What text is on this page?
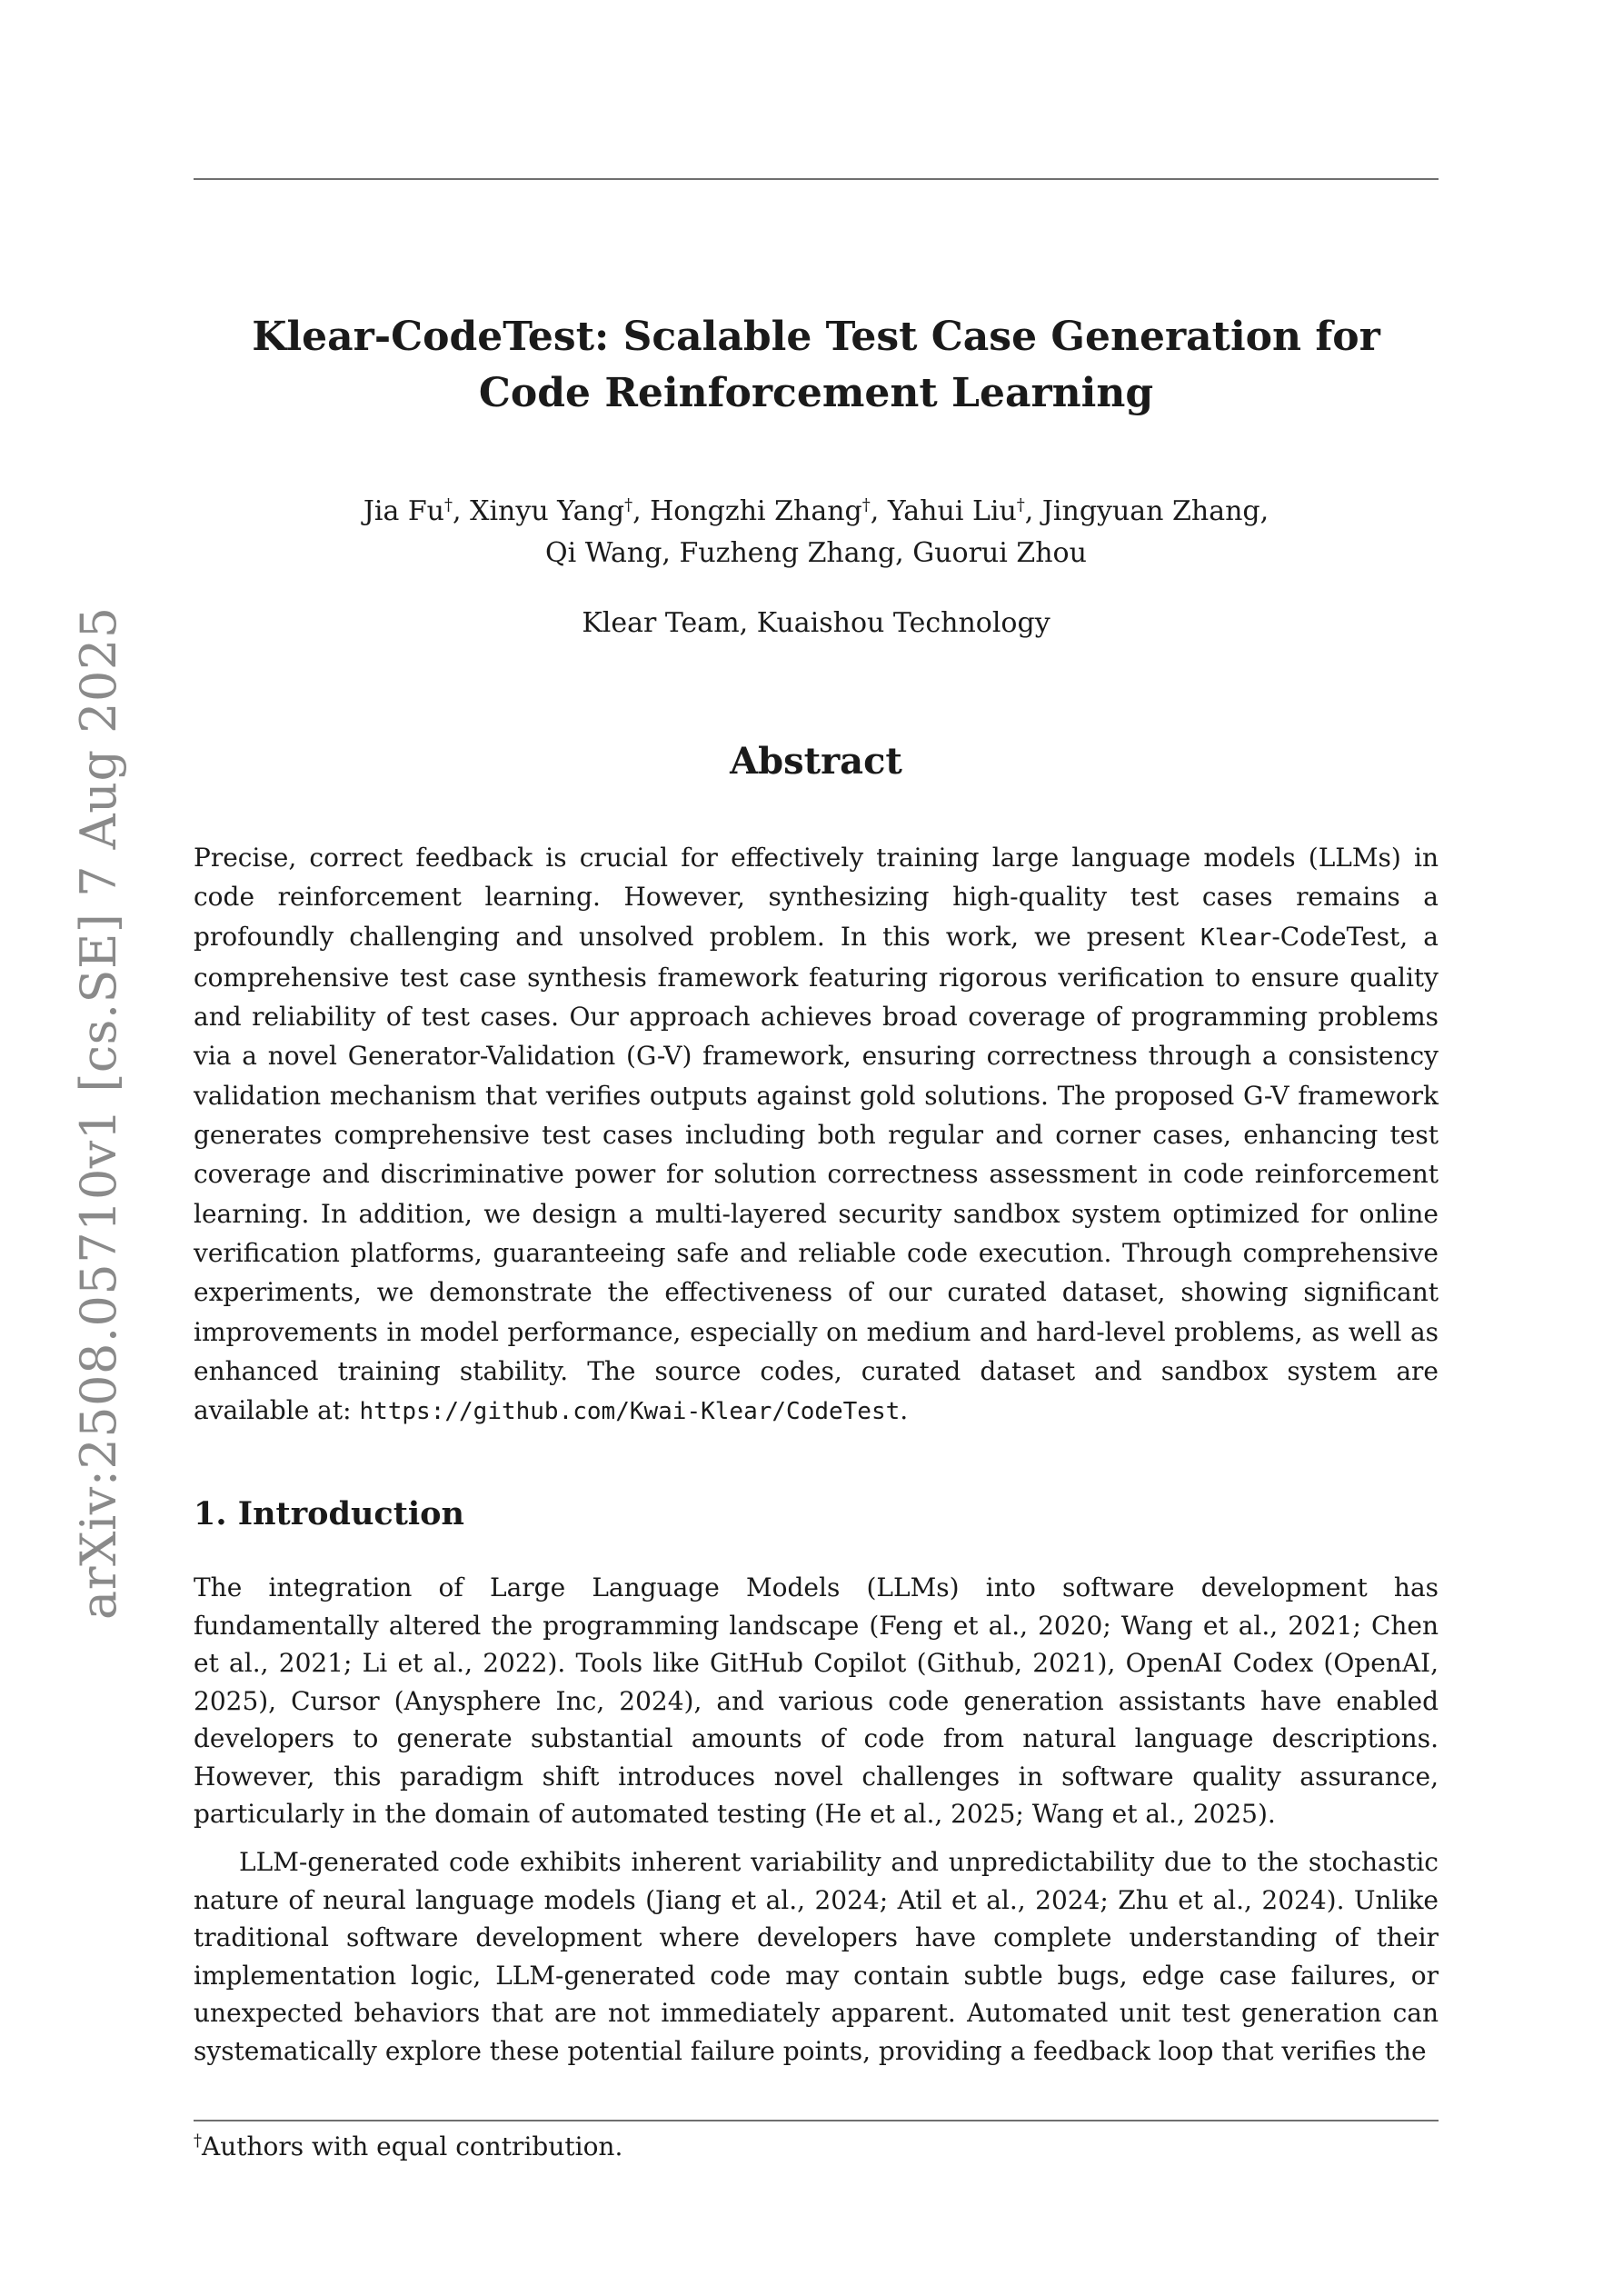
arXiv:2508.05710v1 [cs.SE] 7 Aug 2025
Klear-CodeTest: Scalable Test Case Generation for Code Reinforcement Learning
Jia Fu†, Xinyu Yang†, Hongzhi Zhang†, Yahui Liu†, Jingyuan Zhang,
Qi Wang, Fuzheng Zhang, Guorui Zhou
Klear Team, Kuaishou Technology
Abstract

Precise, correct feedback is crucial for effectively training large language models (LLMs) in code reinforcement learning. However, synthesizing high-quality test cases remains a profoundly challenging and unsolved problem. In this work, we present Klear-CodeTest, a comprehensive test case synthesis framework featuring rigorous verification to ensure quality and reliability of test cases. Our approach achieves broad coverage of programming problems via a novel Generator-Validation (G-V) framework, ensuring correctness through a consistency validation mechanism that verifies outputs against gold solutions. The proposed G-V framework generates comprehensive test cases including both regular and corner cases, enhancing test coverage and discriminative power for solution correctness assessment in code reinforcement learning. In addition, we design a multi-layered security sandbox system optimized for online verification platforms, guaranteeing safe and reliable code execution. Through comprehensive experiments, we demonstrate the effectiveness of our curated dataset, showing significant improvements in model performance, especially on medium and hard-level problems, as well as enhanced training stability. The source codes, curated dataset and sandbox system are available at: https://github.com/Kwai-Klear/CodeTest.

1. Introduction

The integration of Large Language Models (LLMs) into software development has fundamentally altered the programming landscape (Feng et al., 2020; Wang et al., 2021; Chen et al., 2021; Li et al., 2022). Tools like GitHub Copilot (Github, 2021), OpenAI Codex (OpenAI, 2025), Cursor (Anysphere Inc, 2024), and various code generation assistants have enabled developers to generate substantial amounts of code from natural language descriptions. However, this paradigm shift introduces novel challenges in software quality assurance, particularly in the domain of automated testing (He et al., 2025; Wang et al., 2025).

LLM-generated code exhibits inherent variability and unpredictability due to the stochastic nature of neural language models (Jiang et al., 2024; Atil et al., 2024; Zhu et al., 2024). Unlike traditional software development where developers have complete understanding of their implementation logic, LLM-generated code may contain subtle bugs, edge case failures, or unexpected behaviors that are not immediately apparent. Automated unit test generation can systematically explore these potential failure points, providing a feedback loop that verifies the

†Authors with equal contribution.
